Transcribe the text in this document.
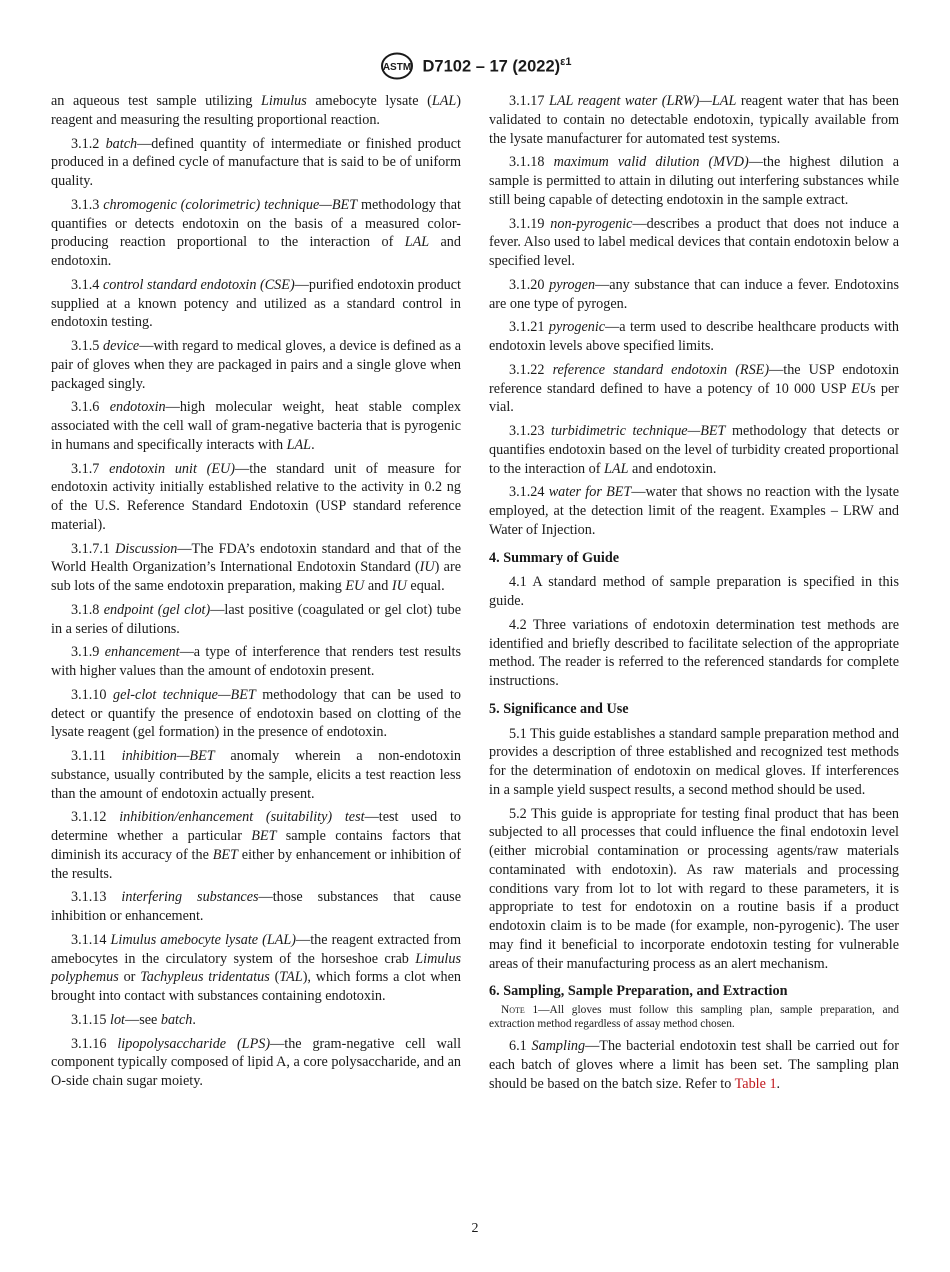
ASTM D7102 – 17 $(2022)^{\varepsilon 1}$

an aqueous test sample utilizing Limulus amebocyte lysate (LAL) reagent and measuring the resulting proportional reaction.

3.1.2 batch—defined quantity of intermediate or finished product produced in a defined cycle of manufacture that is said to be of uniform quality.

3.1.3 chromogenic (colorimetric) technique—BET methodology that quantifies or detects endotoxin on the basis of a measured color-producing reaction proportional to the interaction of LAL and endotoxin.

3.1.4 control standard endotoxin (CSE)—purified endotoxin product supplied at a known potency and utilized as a standard control in endotoxin testing.

3.1.5 device—with regard to medical gloves, a device is defined as a pair of gloves when they are packaged in pairs and a single glove when packaged singly.

3.1.6 endotoxin—high molecular weight, heat stable complex associated with the cell wall of gram-negative bacteria that is pyrogenic in humans and specifically interacts with LAL.

3.1.7 endotoxin unit (EU)—the standard unit of measure for endotoxin activity initially established relative to the activity in 0.2 ng of the U.S. Reference Standard Endotoxin (USP standard reference material).

3.1.7.1 Discussion—The FDA’s endotoxin standard and that of the World Health Organization’s International Endotoxin Standard (IU) are sub lots of the same endotoxin preparation, making EU and IU equal.

3.1.8 endpoint (gel clot)—last positive (coagulated or gel clot) tube in a series of dilutions.

3.1.9 enhancement—a type of interference that renders test results with higher values than the amount of endotoxin present.

3.1.10 gel-clot technique—BET methodology that can be used to detect or quantify the presence of endotoxin based on clotting of the lysate reagent (gel formation) in the presence of endotoxin.

3.1.11 inhibition—BET anomaly wherein a non-endotoxin substance, usually contributed by the sample, elicits a test reaction less than the amount of endotoxin actually present.

3.1.12 inhibition/enhancement (suitability) test—test used to determine whether a particular BET sample contains factors that diminish its accuracy of the BET either by enhancement or inhibition of the results.

3.1.13 interfering substances—those substances that cause inhibition or enhancement.

3.1.14 Limulus amebocyte lysate (LAL)—the reagent extracted from amebocytes in the circulatory system of the horseshoe crab Limulus polyphemus or Tachypleus tridentatus (TAL), which forms a clot when brought into contact with substances containing endotoxin.

3.1.15 lot—see batch.

3.1.16 lipopolysaccharide (LPS)—the gram-negative cell wall component typically composed of lipid A, a core polysaccharide, and an O-side chain sugar moiety.

3.1.17 LAL reagent water (LRW)—LAL reagent water that has been validated to contain no detectable endotoxin, typically available from the lysate manufacturer for automated test systems.

3.1.18 maximum valid dilution (MVD)—the highest dilution a sample is permitted to attain in diluting out interfering substances while still being capable of detecting endotoxin in the sample extract.

3.1.19 non-pyrogenic—describes a product that does not induce a fever. Also used to label medical devices that contain endotoxin below a specified level.

3.1.20 pyrogen—any substance that can induce a fever. Endotoxins are one type of pyrogen.

3.1.21 pyrogenic—a term used to describe healthcare products with endotoxin levels above specified limits.

3.1.22 reference standard endotoxin (RSE)—the USP endotoxin reference standard defined to have a potency of 10 000 USP EUs per vial.

3.1.23 turbidimetric technique—BET methodology that detects or quantifies endotoxin based on the level of turbidity created proportional to the interaction of LAL and endotoxin.

3.1.24 water for BET—water that shows no reaction with the lysate employed, at the detection limit of the reagent. Examples – LRW and Water of Injection.

4. Summary of Guide

4.1 A standard method of sample preparation is specified in this guide.

4.2 Three variations of endotoxin determination test methods are identified and briefly described to facilitate selection of the appropriate method. The reader is referred to the referenced standards for complete instructions.

5. Significance and Use

5.1 This guide establishes a standard sample preparation method and provides a description of three established and recognized test methods for the determination of endotoxin on medical gloves. If interferences in a sample yield suspect results, a second method should be used.

5.2 This guide is appropriate for testing final product that has been subjected to all processes that could influence the final endotoxin level (either microbial contamination or processing agents/raw materials contaminated with endotoxin). As raw materials and processing conditions vary from lot to lot with regard to these parameters, it is appropriate to test for endotoxin on a routine basis if a product endotoxin claim is to be made (for example, non-pyrogenic). The user may find it beneficial to incorporate endotoxin testing for vulnerable areas of their manufacturing process as an alert mechanism.

6. Sampling, Sample Preparation, and Extraction

Note 1—All gloves must follow this sampling plan, sample preparation, and extraction method regardless of assay method chosen.

6.1 Sampling—The bacterial endotoxin test shall be carried out for each batch of gloves where a limit has been set. The sampling plan should be based on the batch size. Refer to Table 1.

2
